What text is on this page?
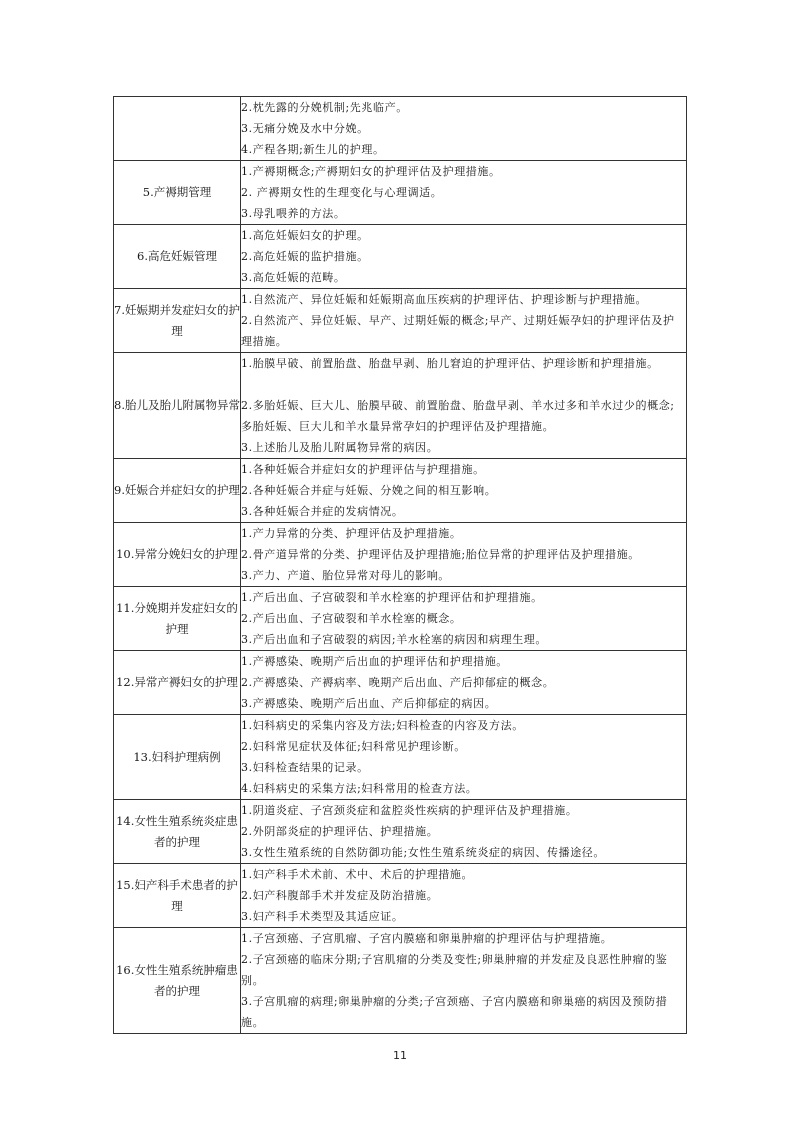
	2.枕先露的分娩机制;先兆临产。
3.无痛分娩及水中分娩。
4.产程各期;新生儿的护理。

5.产褥期管理	1.产褥期概念;产褥期妇女的护理评估及护理措施。
2. 产褥期女性的生理变化与心理调适。
3.母乳喂养的方法。

6.高危妊娠管理	1.高危妊娠妇女的护理。
2.高危妊娠的监护措施。
3.高危妊娠的范畴。

7.妊娠期并发症妇女的护理	1.自然流产、异位妊娠和妊娠期高血压疾病的护理评估、护理诊断与护理措施。
2.自然流产、异位妊娠、早产、过期妊娠的概念;早产、过期妊娠孕妇的护理评估及护理措施。

8.胎儿及胎儿附属物异常	1.胎膜早破、前置胎盘、胎盘早剥、胎儿窘迫的护理评估、护理诊断和护理措施。
2.多胎妊娠、巨大儿、胎膜早破、前置胎盘、胎盘早剥、羊水过多和羊水过少的概念;多胎妊娠、巨大儿和羊水量异常孕妇的护理评估及护理措施。
3.上述胎儿及胎儿附属物异常的病因。

9.妊娠合并症妇女的护理	1.各种妊娠合并症妇女的护理评估与护理措施。
2.各种妊娠合并症与妊娠、分娩之间的相互影响。
3.各种妊娠合并症的发病情况。

10.异常分娩妇女的护理	1.产力异常的分类、护理评估及护理措施。
2.骨产道异常的分类、护理评估及护理措施;胎位异常的护理评估及护理措施。
3.产力、产道、胎位异常对母儿的影响。

11.分娩期并发症妇女的护理	1.产后出血、子宫破裂和羊水栓塞的护理评估和护理措施。
2.产后出血、子宫破裂和羊水栓塞的概念。
3.产后出血和子宫破裂的病因;羊水栓塞的病因和病理生理。

12.异常产褥妇女的护理	1.产褥感染、晚期产后出血的护理评估和护理措施。
2.产褥感染、产褥病率、晚期产后出血、产后抑郁症的概念。
3.产褥感染、晚期产后出血、产后抑郁症的病因。

13.妇科护理病例	1.妇科病史的采集内容及方法;妇科检查的内容及方法。
2.妇科常见症状及体征;妇科常见护理诊断。
3.妇科检查结果的记录。
4.妇科病史的采集方法;妇科常用的检查方法。

14.女性生殖系统炎症患者的护理	1.阴道炎症、子宫颈炎症和盆腔炎性疾病的护理评估及护理措施。
2.外阴部炎症的护理评估、护理措施。
3.女性生殖系统的自然防御功能;女性生殖系统炎症的病因、传播途径。

15.妇产科手术患者的护理	1.妇产科手术术前、术中、术后的护理措施。
2.妇产科腹部手术并发症及防治措施。
3.妇产科手术类型及其适应证。

16.女性生殖系统肿瘤患者的护理	1.子宫颈癌、子宫肌瘤、子宫内膜癌和卵巢肿瘤的护理评估与护理措施。
2.子宫颈癌的临床分期;子宫肌瘤的分类及变性;卵巢肿瘤的并发症及良恶性肿瘤的鉴别。
3.子宫肌瘤的病理;卵巢肿瘤的分类;子宫颈癌、子宫内膜癌和卵巢癌的病因及预防措施。
11
